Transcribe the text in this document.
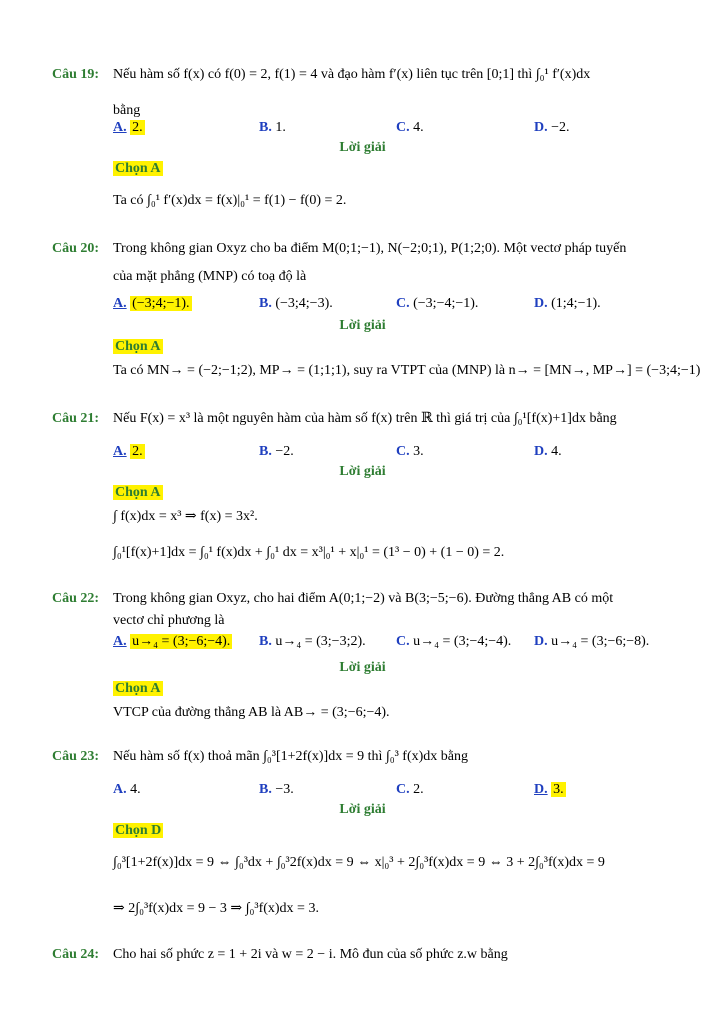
Câu 19: Nếu hàm số f(x) có f(0) = 2, f(1) = 4 và đạo hàm f′(x) liên tục trên [0;1] thì ∫₀¹ f′(x)dx
bằng
A. 2.	B. 1.	C. 4.	D. −2.
Lời giải
Chọn A
Ta có ∫₀¹ f′(x)dx = f(x)|₀¹ = f(1) − f(0) = 2.
Câu 20: Trong không gian Oxyz cho ba điểm M(0;1;−1), N(−2;0;1), P(1;2;0). Một vectơ pháp tuyến
của mặt phẳng (MNP) có toạ độ là
A. (−3;4;−1).	B. (−3;4;−3).	C. (−3;−4;−1).	D. (1;4;−1).
Lời giải
Chọn A
Ta có MN→ = (−2;−1;2), MP→ = (1;1;1), suy ra VTPT của (MNP) là n→ = [MN→, MP→] = (−3;4;−1)
Câu 21: Nếu F(x) = x³ là một nguyên hàm của hàm số f(x) trên ℝ thì giá trị của ∫₀¹[f(x)+1]dx bằng
A. 2.	B. −2.	C. 3.	D. 4.
Lời giải
Chọn A
∫ f(x)dx = x³ ⇒ f(x) = 3x².
∫₀¹[f(x)+1]dx = ∫₀¹ f(x)dx + ∫₀¹ dx = x³|₀¹ + x|₀¹ = (1³ − 0) + (1 − 0) = 2.
Câu 22: Trong không gian Oxyz, cho hai điểm A(0;1;−2) và B(3;−5;−6). Đường thẳng AB có một
vectơ chỉ phương là
A. u→₄ = (3;−6;−4). B. u→₄ = (3;−3;2). C. u→₄ = (3;−4;−4). D. u→₄ = (3;−6;−8).
Lời giải
Chọn A
VTCP của đường thẳng AB là AB→ = (3;−6;−4).
Câu 23: Nếu hàm số f(x) thoả mãn ∫₀³[1+2f(x)]dx = 9 thì ∫₀³ f(x)dx bằng
A. 4.	B. −3.	C. 2.	D. 3.
Lời giải
Chọn D
∫₀³[1+2f(x)]dx = 9 ⇔ ∫₀³dx + ∫₀³2f(x)dx = 9 ⇔ x|₀³ + 2∫₀³f(x)dx = 9 ⇔ 3 + 2∫₀³f(x)dx = 9
⇒ 2∫₀³f(x)dx = 9 − 3 ⇒ ∫₀³f(x)dx = 3.
Câu 24: Cho hai số phức z = 1 + 2i và w = 2 − i. Mô đun của số phức z.w bằng
